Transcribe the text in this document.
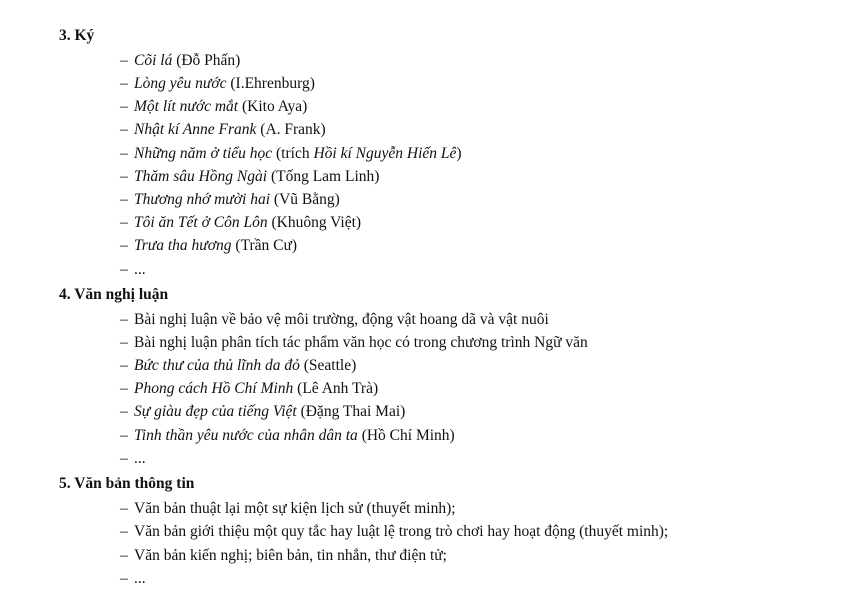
3. Ký
– Cõi lá (Đỗ Phấn)
– Lòng yêu nước (I.Ehrenburg)
– Một lít nước mắt (Kito Aya)
– Nhật kí Anne Frank (A. Frank)
– Những năm ở tiểu học (trích Hồi kí Nguyễn Hiến Lê)
– Thăm sâu Hồng Ngài (Tống Lam Linh)
– Thương nhớ mười hai (Vũ Bằng)
– Tôi ăn Tết ở Côn Lôn (Khuông Việt)
– Trưa tha hương (Trần Cư)
– ...
4. Văn nghị luận
– Bài nghị luận về bảo vệ môi trường, động vật hoang dã và vật nuôi
– Bài nghị luận phân tích tác phẩm văn học có trong chương trình Ngữ văn
– Bức thư của thủ lĩnh da đỏ (Seattle)
– Phong cách Hồ Chí Minh (Lê Anh Trà)
– Sự giàu đẹp của tiếng Việt (Đặng Thai Mai)
– Tinh thần yêu nước của nhân dân ta (Hồ Chí Minh)
– ...
5. Văn bản thông tin
– Văn bản thuật lại một sự kiện lịch sử (thuyết minh);
– Văn bản giới thiệu một quy tắc hay luật lệ trong trò chơi hay hoạt động (thuyết minh);
– Văn bản kiến nghị; biên bản, tin nhắn, thư điện tử;
– ...
